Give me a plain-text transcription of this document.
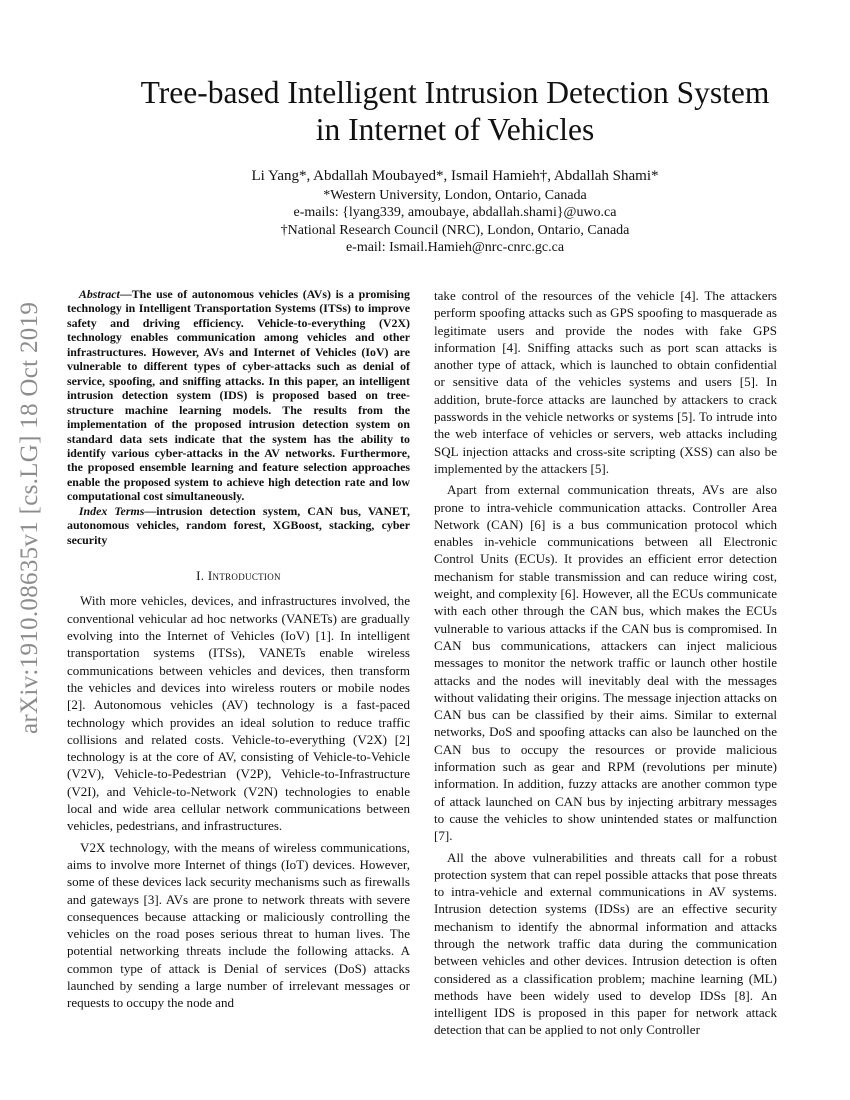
arXiv:1910.08635v1 [cs.LG] 18 Oct 2019
Tree-based Intelligent Intrusion Detection System
in Internet of Vehicles
Li Yang*, Abdallah Moubayed*, Ismail Hamieh†, Abdallah Shami*
*Western University, London, Ontario, Canada
e-mails: {lyang339, amoubaye, abdallah.shami}@uwo.ca
†National Research Council (NRC), London, Ontario, Canada
e-mail: Ismail.Hamieh@nrc-cnrc.gc.ca

Abstract—The use of autonomous vehicles (AVs) is a promising technology in Intelligent Transportation Systems (ITSs) to improve safety and driving efficiency. Vehicle-to-everything (V2X) technology enables communication among vehicles and other infrastructures. However, AVs and Internet of Vehicles (IoV) are vulnerable to different types of cyber-attacks such as denial of service, spoofing, and sniffing attacks. In this paper, an intelligent intrusion detection system (IDS) is proposed based on tree-structure machine learning models. The results from the implementation of the proposed intrusion detection system on standard data sets indicate that the system has the ability to identify various cyber-attacks in the AV networks. Furthermore, the proposed ensemble learning and feature selection approaches enable the proposed system to achieve high detection rate and low computational cost simultaneously.

Index Terms—intrusion detection system, CAN bus, VANET, autonomous vehicles, random forest, XGBoost, stacking, cyber security

I. Introduction

With more vehicles, devices, and infrastructures involved, the conventional vehicular ad hoc networks (VANETs) are gradually evolving into the Internet of Vehicles (IoV) [1]. In intelligent transportation systems (ITSs), VANETs enable wireless communications between vehicles and devices, then transform the vehicles and devices into wireless routers or mobile nodes [2]. Autonomous vehicles (AV) technology is a fast-paced technology which provides an ideal solution to reduce traffic collisions and related costs. Vehicle-to-everything (V2X) [2] technology is at the core of AV, consisting of Vehicle-to-Vehicle (V2V), Vehicle-to-Pedestrian (V2P), Vehicle-to-Infrastructure (V2I), and Vehicle-to-Network (V2N) technologies to enable local and wide area cellular network communications between vehicles, pedestrians, and infrastructures.

V2X technology, with the means of wireless communications, aims to involve more Internet of things (IoT) devices. However, some of these devices lack security mechanisms such as firewalls and gateways [3]. AVs are prone to network threats with severe consequences because attacking or maliciously controlling the vehicles on the road poses serious threat to human lives. The potential networking threats include the following attacks. A common type of attack is Denial of services (DoS) attacks launched by sending a large number of irrelevant messages or requests to occupy the node and

take control of the resources of the vehicle [4]. The attackers perform spoofing attacks such as GPS spoofing to masquerade as legitimate users and provide the nodes with fake GPS information [4]. Sniffing attacks such as port scan attacks is another type of attack, which is launched to obtain confidential or sensitive data of the vehicles systems and users [5]. In addition, brute-force attacks are launched by attackers to crack passwords in the vehicle networks or systems [5]. To intrude into the web interface of vehicles or servers, web attacks including SQL injection attacks and cross-site scripting (XSS) can also be implemented by the attackers [5].

Apart from external communication threats, AVs are also prone to intra-vehicle communication attacks. Controller Area Network (CAN) [6] is a bus communication protocol which enables in-vehicle communications between all Electronic Control Units (ECUs). It provides an efficient error detection mechanism for stable transmission and can reduce wiring cost, weight, and complexity [6]. However, all the ECUs communicate with each other through the CAN bus, which makes the ECUs vulnerable to various attacks if the CAN bus is compromised. In CAN bus communications, attackers can inject malicious messages to monitor the network traffic or launch other hostile attacks and the nodes will inevitably deal with the messages without validating their origins. The message injection attacks on CAN bus can be classified by their aims. Similar to external networks, DoS and spoofing attacks can also be launched on the CAN bus to occupy the resources or provide malicious information such as gear and RPM (revolutions per minute) information. In addition, fuzzy attacks are another common type of attack launched on CAN bus by injecting arbitrary messages to cause the vehicles to show unintended states or malfunction [7].

All the above vulnerabilities and threats call for a robust protection system that can repel possible attacks that pose threats to intra-vehicle and external communications in AV systems. Intrusion detection systems (IDSs) are an effective security mechanism to identify the abnormal information and attacks through the network traffic data during the communication between vehicles and other devices. Intrusion detection is often considered as a classification problem; machine learning (ML) methods have been widely used to develop IDSs [8]. An intelligent IDS is proposed in this paper for network attack detection that can be applied to not only Controller
